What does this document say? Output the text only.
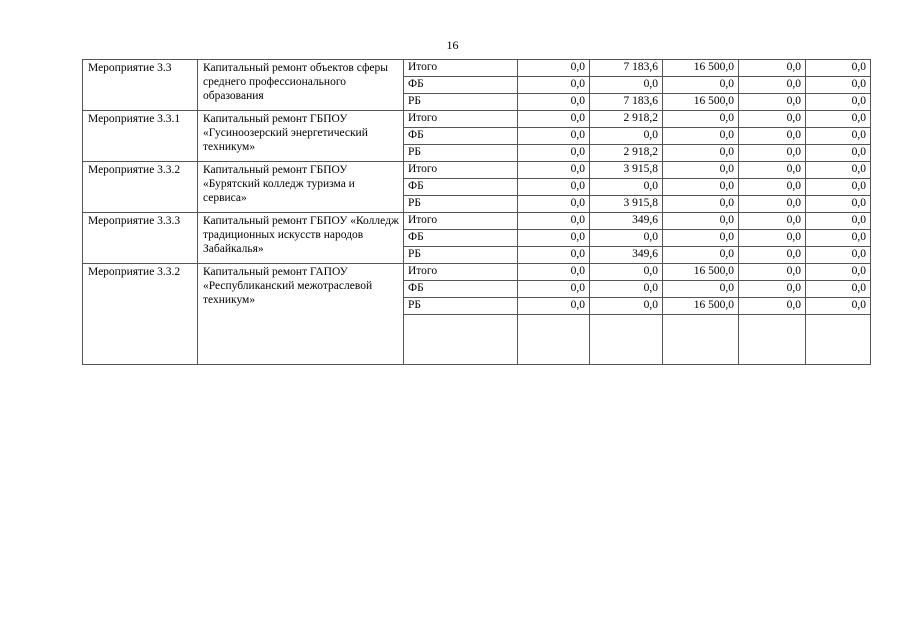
16
Мероприятие 3.3	Капитальный ремонт объектов сферы среднего профессионального образования	Итого	0,0	7 183,6	16 500,0	0,0	0,0
		ФБ	0,0	0,0	0,0	0,0	0,0
		РБ	0,0	7 183,6	16 500,0	0,0	0,0
Мероприятие 3.3.1	Капитальный ремонт ГБПОУ «Гусиноозерский энергетический техникум»	Итого	0,0	2 918,2	0,0	0,0	0,0
		ФБ	0,0	0,0	0,0	0,0	0,0
		РБ	0,0	2 918,2	0,0	0,0	0,0
Мероприятие 3.3.2	Капитальный ремонт ГБПОУ «Бурятский колледж туризма и сервиса»	Итого	0,0	3 915,8	0,0	0,0	0,0
		ФБ	0,0	0,0	0,0	0,0	0,0
		РБ	0,0	3 915,8	0,0	0,0	0,0
Мероприятие 3.3.3	Капитальный ремонт ГБПОУ «Колледж традиционных искусств народов Забайкалья»	Итого	0,0	349,6	0,0	0,0	0,0
		ФБ	0,0	0,0	0,0	0,0	0,0
		РБ	0,0	349,6	0,0	0,0	0,0
Мероприятие 3.3.2	Капитальный ремонт ГАПОУ «Республиканский межотраслевой техникум»	Итого	0,0	0,0	16 500,0	0,0	0,0
		ФБ	0,0	0,0	0,0	0,0	0,0
		РБ	0,0	0,0	16 500,0	0,0	0,0
